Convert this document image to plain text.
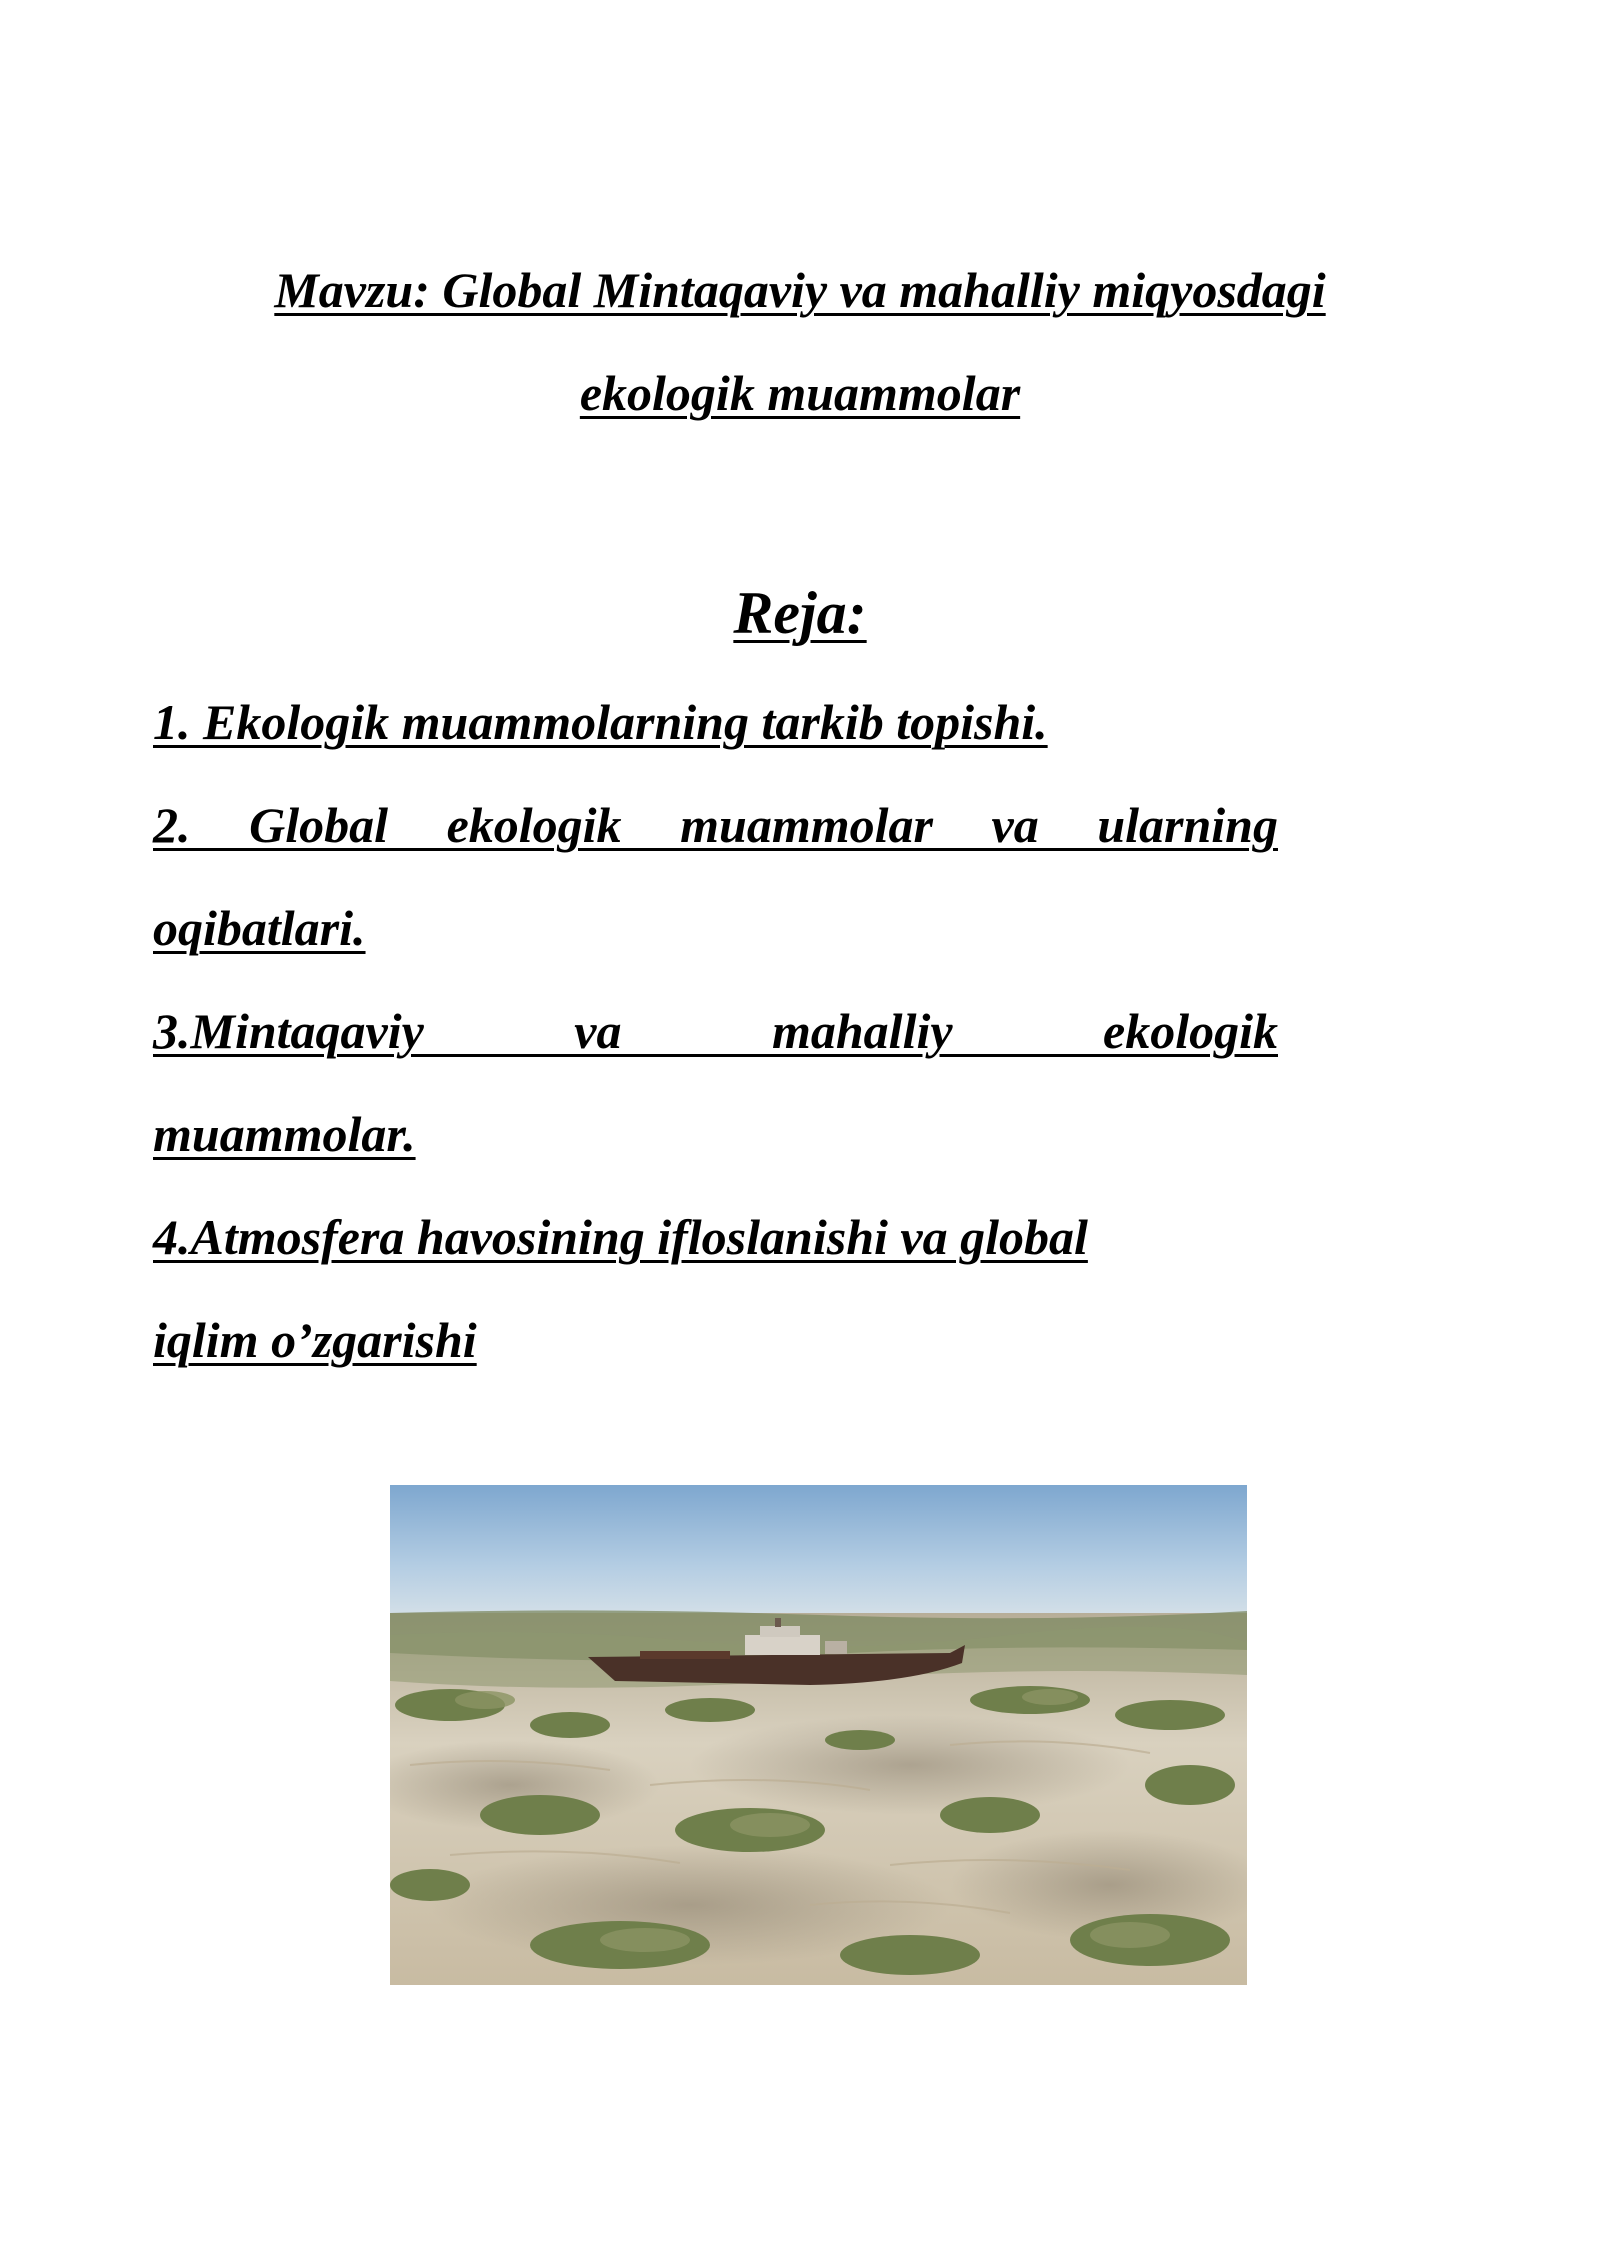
Mavzu: Global Mintaqaviy va mahalliy miqyosdagi
ekologik muammolar
Reja:
1. Ekologik muammolarning tarkib topishi.
2. Global ekologik muammolar va ularning
oqibatlari.
3.Mintaqaviy va mahalliy ekologik
muammolar.
4.Atmosfera havosining ifloslanishi va global
iqlim o’zgarishi
